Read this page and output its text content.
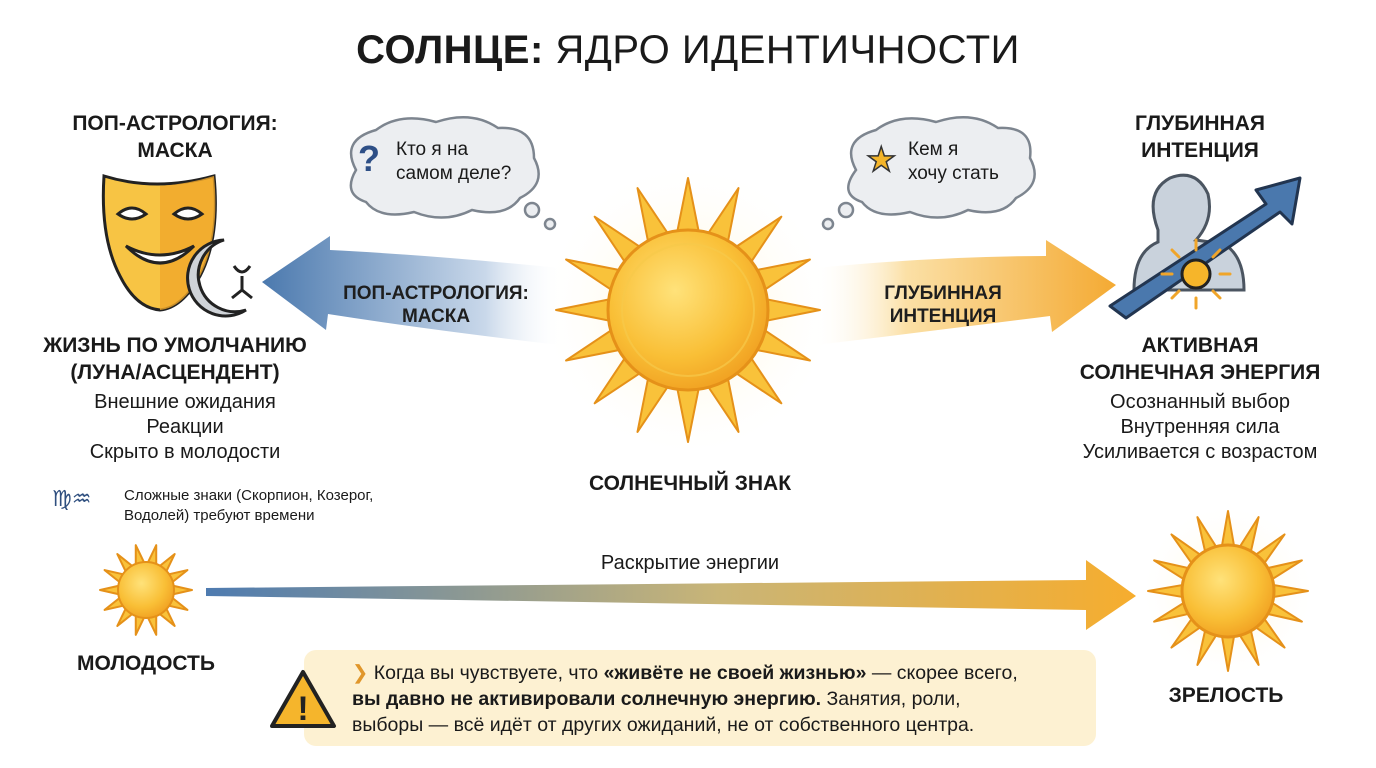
СОЛНЦЕ: ЯДРО ИДЕНТИЧНОСТИ
СОЛНЕЧНЫЙ ЗНАК
ПОП-АСТРОЛОГИЯ:
МАСКА
ЖИЗНЬ ПО УМОЛЧАНИЮ
(ЛУНА/АСЦЕНДЕНТ)
Внешние ожидания
Реакции
Скрыто в молодости
♍♒ Сложные знаки (Скорпион, Козерог,
Водолей) требуют времени
? Кто я на
самом деле?	★ Кем я
хочу стать
ПОП-АСТРОЛОГИЯ:
МАСКА
ГЛУБИННАЯ
ИНТЕНЦИЯ
ГЛУБИННАЯ
ИНТЕНЦИЯ
АКТИВНАЯ
СОЛНЕЧНАЯ ЭНЕРГИЯ
Осознанный выбор
Внутренняя сила
Усиливается с возрастом
Раскрытие энергии
МОЛОДОСТЬ
ЗРЕЛОСТЬ
!
❯ Когда вы чувствуете, что «живёте не своей жизнью» — скорее всего,
вы давно не активировали солнечную энергию. Занятия, роли,
выборы — всё идёт от других ожиданий, не от собственного центра.
